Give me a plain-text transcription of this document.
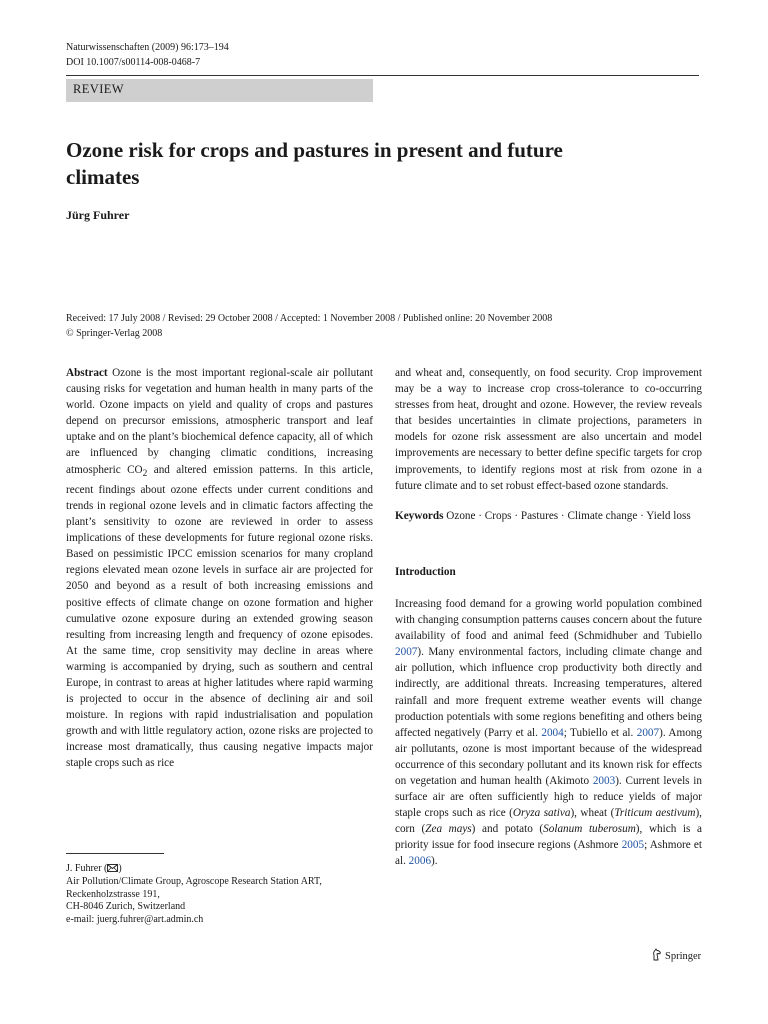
Naturwissenschaften (2009) 96:173–194
DOI 10.1007/s00114-008-0468-7
REVIEW
Ozone risk for crops and pastures in present and future climates
Jürg Fuhrer
Received: 17 July 2008 / Revised: 29 October 2008 / Accepted: 1 November 2008 / Published online: 20 November 2008
© Springer-Verlag 2008

Abstract Ozone is the most important regional-scale air pollutant causing risks for vegetation and human health in many parts of the world. Ozone impacts on yield and quality of crops and pastures depend on precursor emissions, atmospheric transport and leaf uptake and on the plant’s biochemical defence capacity, all of which are influenced by changing climatic conditions, increasing atmospheric $CO_2$ and altered emission patterns. In this article, recent findings about ozone effects under current conditions and trends in regional ozone levels and in climatic factors affecting the plant’s sensitivity to ozone are reviewed in order to assess implications of these developments for future regional ozone risks. Based on pessimistic IPCC emission scenarios for many cropland regions elevated mean ozone levels in surface air are projected for 2050 and beyond as a result of both increasing emissions and positive effects of climate change on ozone formation and higher cumulative ozone exposure during an extended growing season resulting from increasing length and frequency of ozone episodes. At the same time, crop sensitivity may decline in areas where warming is accompanied by drying, such as southern and central Europe, in contrast to areas at higher latitudes where rapid warming is projected to occur in the absence of declining air and soil moisture. In regions with rapid industrialisation and population growth and with little regulatory action, ozone risks are projected to increase most dramatically, thus causing negative impacts major staple crops such as rice

and wheat and, consequently, on food security. Crop improvement may be a way to increase crop cross-tolerance to co-occurring stresses from heat, drought and ozone. However, the review reveals that besides uncertainties in climate projections, parameters in models for ozone risk assessment are also uncertain and model improvements are necessary to better define specific targets for crop improvements, to identify regions most at risk from ozone in a future climate and to set robust effect-based ozone standards.

Keywords Ozone · Crops · Pastures · Climate change · Yield loss

Introduction

Increasing food demand for a growing world population combined with changing consumption patterns causes concern about the future availability of food and animal feed (Schmidhuber and Tubiello 2007). Many environmental factors, including climate change and air pollution, which influence crop productivity both directly and indirectly, are additional threats. Increasing temperatures, altered rainfall and more frequent extreme weather events will change production potentials with some regions benefiting and others being affected negatively (Parry et al. 2004; Tubiello et al. 2007). Among air pollutants, ozone is most important because of the widespread occurrence of this secondary pollutant and its known risk for effects on vegetation and human health (Akimoto 2003). Current levels in surface air are often sufficiently high to reduce yields of major staple crops such as rice (Oryza sativa), wheat (Triticum aestivum), corn (Zea mays) and potato (Solanum tuberosum), which is a priority issue for food insecure regions (Ashmore 2005; Ashmore et al. 2006).

J. Fuhrer ( )
Air Pollution/Climate Group, Agroscope Research Station ART,
Reckenholzstrasse 191,
CH-8046 Zurich, Switzerland
e-mail: juerg.fuhrer@art.admin.ch
Springer
